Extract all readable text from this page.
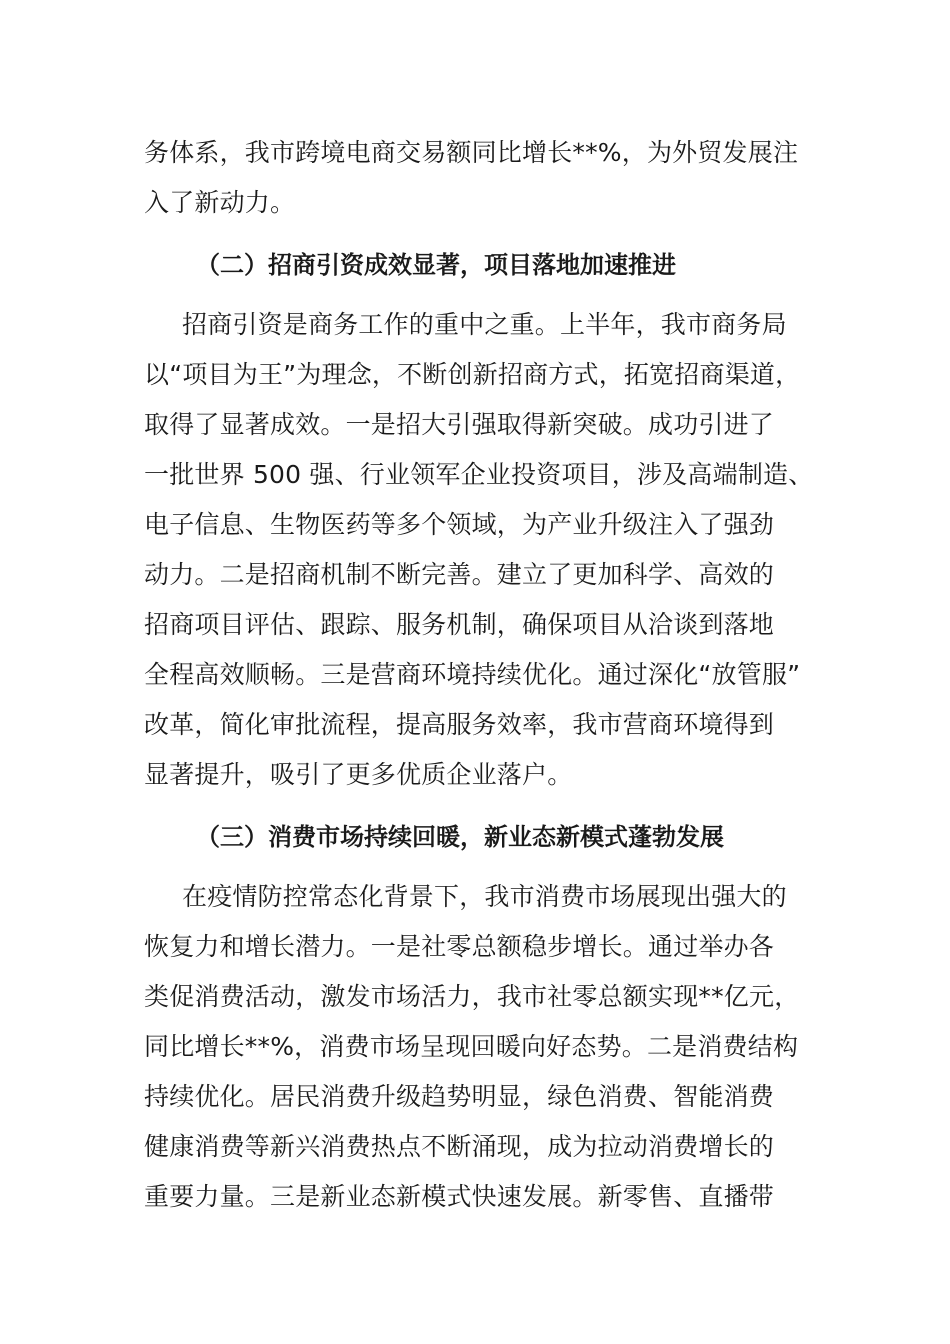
务体系，我市跨境电商交易额同比增长**%，为外贸发展注
入了新动力。
（二）招商引资成效显著，项目落地加速推进
招商引资是商务工作的重中之重。上半年，我市商务局
以“项目为王”为理念，不断创新招商方式，拓宽招商渠道，
取得了显著成效。一是招大引强取得新突破。成功引进了
一批世界 500 强、行业领军企业投资项目，涉及高端制造、
电子信息、生物医药等多个领域，为产业升级注入了强劲
动力。二是招商机制不断完善。建立了更加科学、高效的
招商项目评估、跟踪、服务机制，确保项目从洽谈到落地
全程高效顺畅。三是营商环境持续优化。通过深化“放管服”
改革，简化审批流程，提高服务效率，我市营商环境得到
显著提升，吸引了更多优质企业落户。
（三）消费市场持续回暖，新业态新模式蓬勃发展
在疫情防控常态化背景下，我市消费市场展现出强大的
恢复力和增长潜力。一是社零总额稳步增长。通过举办各
类促消费活动，激发市场活力，我市社零总额实现**亿元，
同比增长**%，消费市场呈现回暖向好态势。二是消费结构
持续优化。居民消费升级趋势明显，绿色消费、智能消费
健康消费等新兴消费热点不断涌现，成为拉动消费增长的
重要力量。三是新业态新模式快速发展。新零售、直播带
